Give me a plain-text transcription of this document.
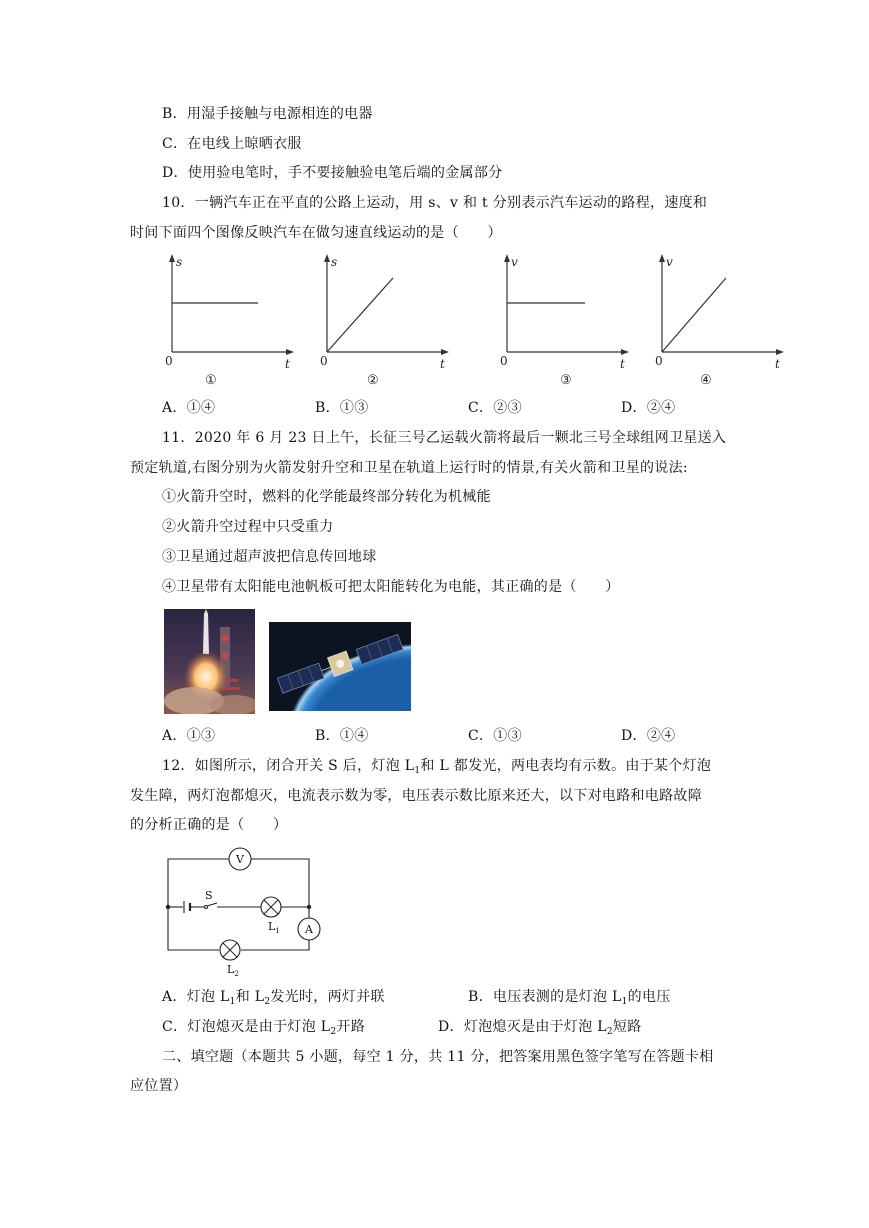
B．用湿手接触与电源相连的电器
C．在电线上晾晒衣服
D．使用验电笔时，手不要接触验电笔后端的金属部分
10．一辆汽车正在平直的公路上运动，用 s、v 和 t 分别表示汽车运动的路程，速度和
时间下面四个图像反映汽车在做匀速直线运动的是（　　）
s
t
0
①
s
t
0
②
v
t
0
③
v
t
0
④
A．①④	B．①③	C．②③	D．②④
11．2020 年 6 月 23 日上午，长征三号乙运载火箭将最后一颗北三号全球组网卫星送入
预定轨道,右图分别为火箭发射升空和卫星在轨道上运行时的情景,有关火箭和卫星的说法:
①火箭升空时，燃料的化学能最终部分转化为机械能
②火箭升空过程中只受重力
③卫星通过超声波把信息传回地球
④卫星带有太阳能电池帆板可把太阳能转化为电能，其正确的是（　　）
A．①③	B．①④	C．①③	D．②④
12．如图所示，闭合开关 S 后，灯泡 $L_1$和 L 都发光，两电表均有示数。由于某个灯泡
发生障，两灯泡都熄灭，电流表示数为零，电压表示数比原来还大，以下对电路和电路故障
的分析正确的是（　　）
S
V
$L_1$ A
$L_2$
A．灯泡 $L_1$和 $L_2$发光时，两灯并联	B．电压表测的是灯泡 $L_1$的电压
C．灯泡熄灭是由于灯泡 $L_2$开路	D．灯泡熄灭是由于灯泡 $L_2$短路
二、填空题（本题共 5 小题，每空 1 分，共 11 分，把答案用黑色签字笔写在答题卡相
应位置）
